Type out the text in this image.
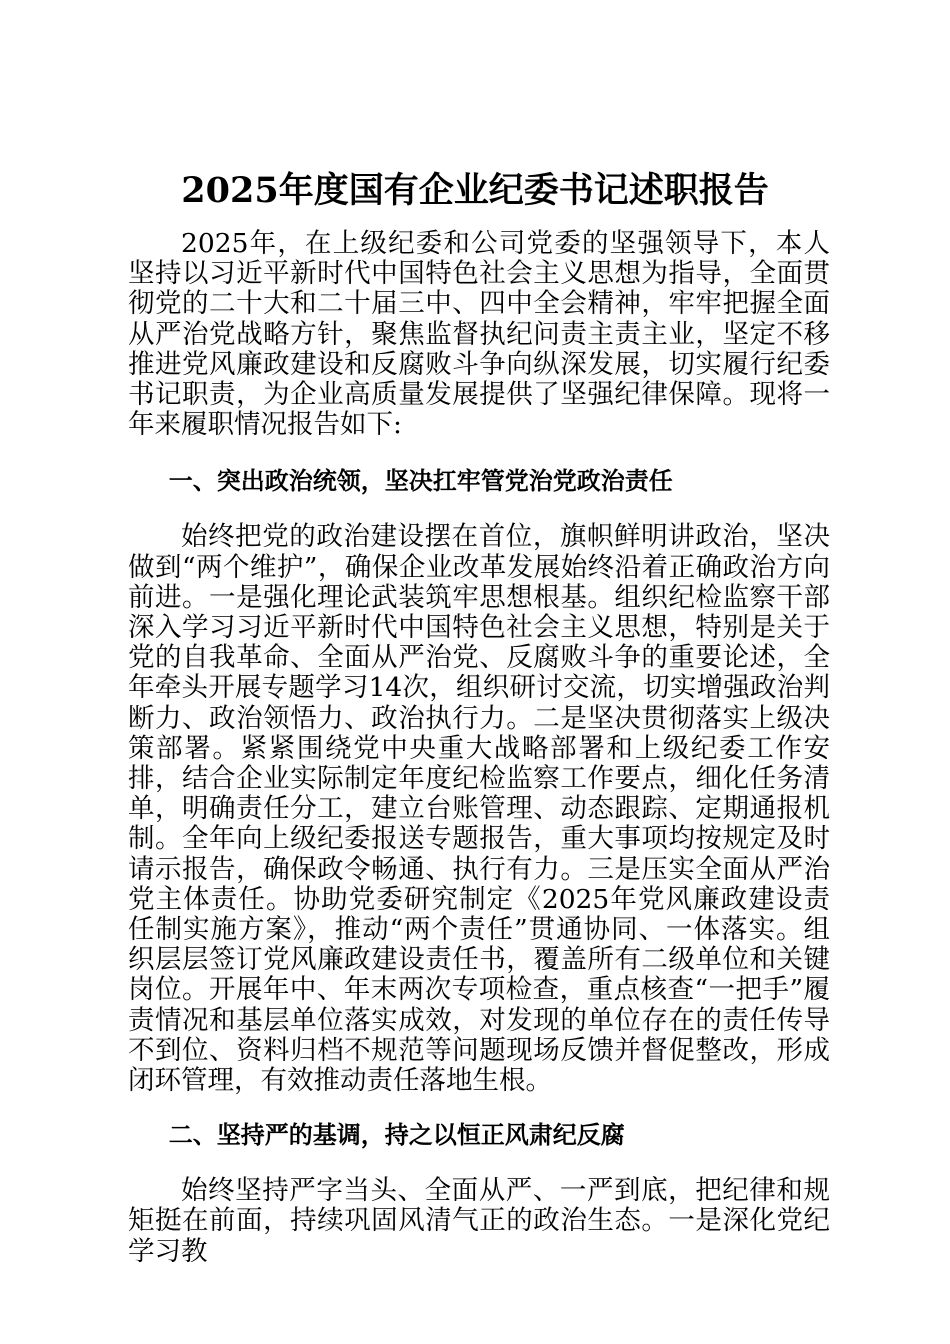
2025年度国有企业纪委书记述职报告

2025年，在上级纪委和公司党委的坚强领导下，本人坚持以习近平新时代中国特色社会主义思想为指导，全面贯彻党的二十大和二十届三中、四中全会精神，牢牢把握全面从严治党战略方针，聚焦监督执纪问责主责主业，坚定不移推进党风廉政建设和反腐败斗争向纵深发展，切实履行纪委书记职责，为企业高质量发展提供了坚强纪律保障。现将一年来履职情况报告如下:

一、突出政治统领，坚决扛牢管党治党政治责任

始终把党的政治建设摆在首位，旗帜鲜明讲政治，坚决做到“两个维护”，确保企业改革发展始终沿着正确政治方向前进。一是强化理论武装筑牢思想根基。组织纪检监察干部深入学习习近平新时代中国特色社会主义思想，特别是关于党的自我革命、全面从严治党、反腐败斗争的重要论述，全年牵头开展专题学习14次，组织研讨交流，切实增强政治判断力、政治领悟力、政治执行力。二是坚决贯彻落实上级决策部署。紧紧围绕党中央重大战略部署和上级纪委工作安排，结合企业实际制定年度纪检监察工作要点，细化任务清单，明确责任分工，建立台账管理、动态跟踪、定期通报机制。全年向上级纪委报送专题报告，重大事项均按规定及时请示报告，确保政令畅通、执行有力。三是压实全面从严治党主体责任。协助党委研究制定《2025年党风廉政建设责任制实施方案》，推动“两个责任”贯通协同、一体落实。组织层层签订党风廉政建设责任书，覆盖所有二级单位和关键岗位。开展年中、年末两次专项检查，重点核查“一把手”履责情况和基层单位落实成效，对发现的单位存在的责任传导不到位、资料归档不规范等问题现场反馈并督促整改，形成闭环管理，有效推动责任落地生根。

二、坚持严的基调，持之以恒正风肃纪反腐

始终坚持严字当头、全面从严、一严到底，把纪律和规矩挺在前面，持续巩固风清气正的政治生态。一是深化党纪学习教
